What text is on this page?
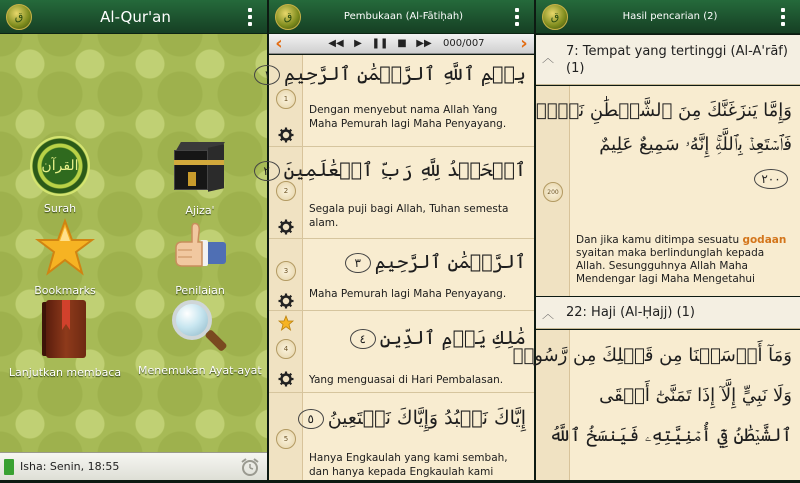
ق	Al-Qur'an
القرآن
Surah	Ajiza'
Bookmarks	Penilaian
Lanjutkan membaca	Menemukan Ayat-ayat
Isha: Senin, 18:55
ق	Pembukaan (Al-Fātiḥah)
‹	◀◀	▶ ❚❚ ■ ▶▶	000/007	›
بِسۡمِ ٱللَّهِ ٱلرَّحۡمَٰنِ ٱلرَّحِيمِ١
Dengan menyebut nama Allah Yang Maha Pemurah lagi Maha Penyayang.
1
ٱلۡحَمۡدُ لِلَّهِ رَبِّ ٱلۡعَٰلَمِينَ٢
Segala puji bagi Allah, Tuhan semesta alam.
2
ٱلرَّحۡمَٰنِ ٱلرَّحِيمِ٣
Maha Pemurah lagi Maha Penyayang.
3
مَٰلِكِ يَوۡمِ ٱلدِّينِ٤
Yang menguasai di Hari Pembalasan.
4
إِيَّاكَ نَعۡبُدُ وَإِيَّاكَ نَسۡتَعِينُ٥
Hanya Engkaulah yang kami sembah, dan hanya kepada Engkaulah kami
5
ق	Hasil pencarian (2)
︿ 7: Tempat yang tertinggi (Al-A'rāf) (1)
200
وَإِمَّا يَنزَغَنَّكَ مِنَ ٱلشَّيۡطَٰنِ نَزۡغٞ
فَٱسۡتَعِذۡ بِٱللَّهِۚ إِنَّهُۥ سَمِيعٌ عَلِيمٌ
٢٠٠
Dan jika kamu ditimpa sesuatu godaan syaitan maka berlindunglah kepada Allah. Sesungguhnya Allah Maha Mendengar lagi Maha Mengetahui
︿ 22: Haji (Al-Ḥajj) (1)
وَمَآ أَرۡسَلۡنَا مِن قَبۡلِكَ مِن رَّسُولٖ
وَلَا نَبِيٍّ إِلَّآ إِذَا تَمَنَّىٰٓ أَلۡقَى
ٱلشَّيۡطَٰنُ فِيٓ أُمۡنِيَّتِهِۦ فَيَنسَخُ ٱللَّهُ
